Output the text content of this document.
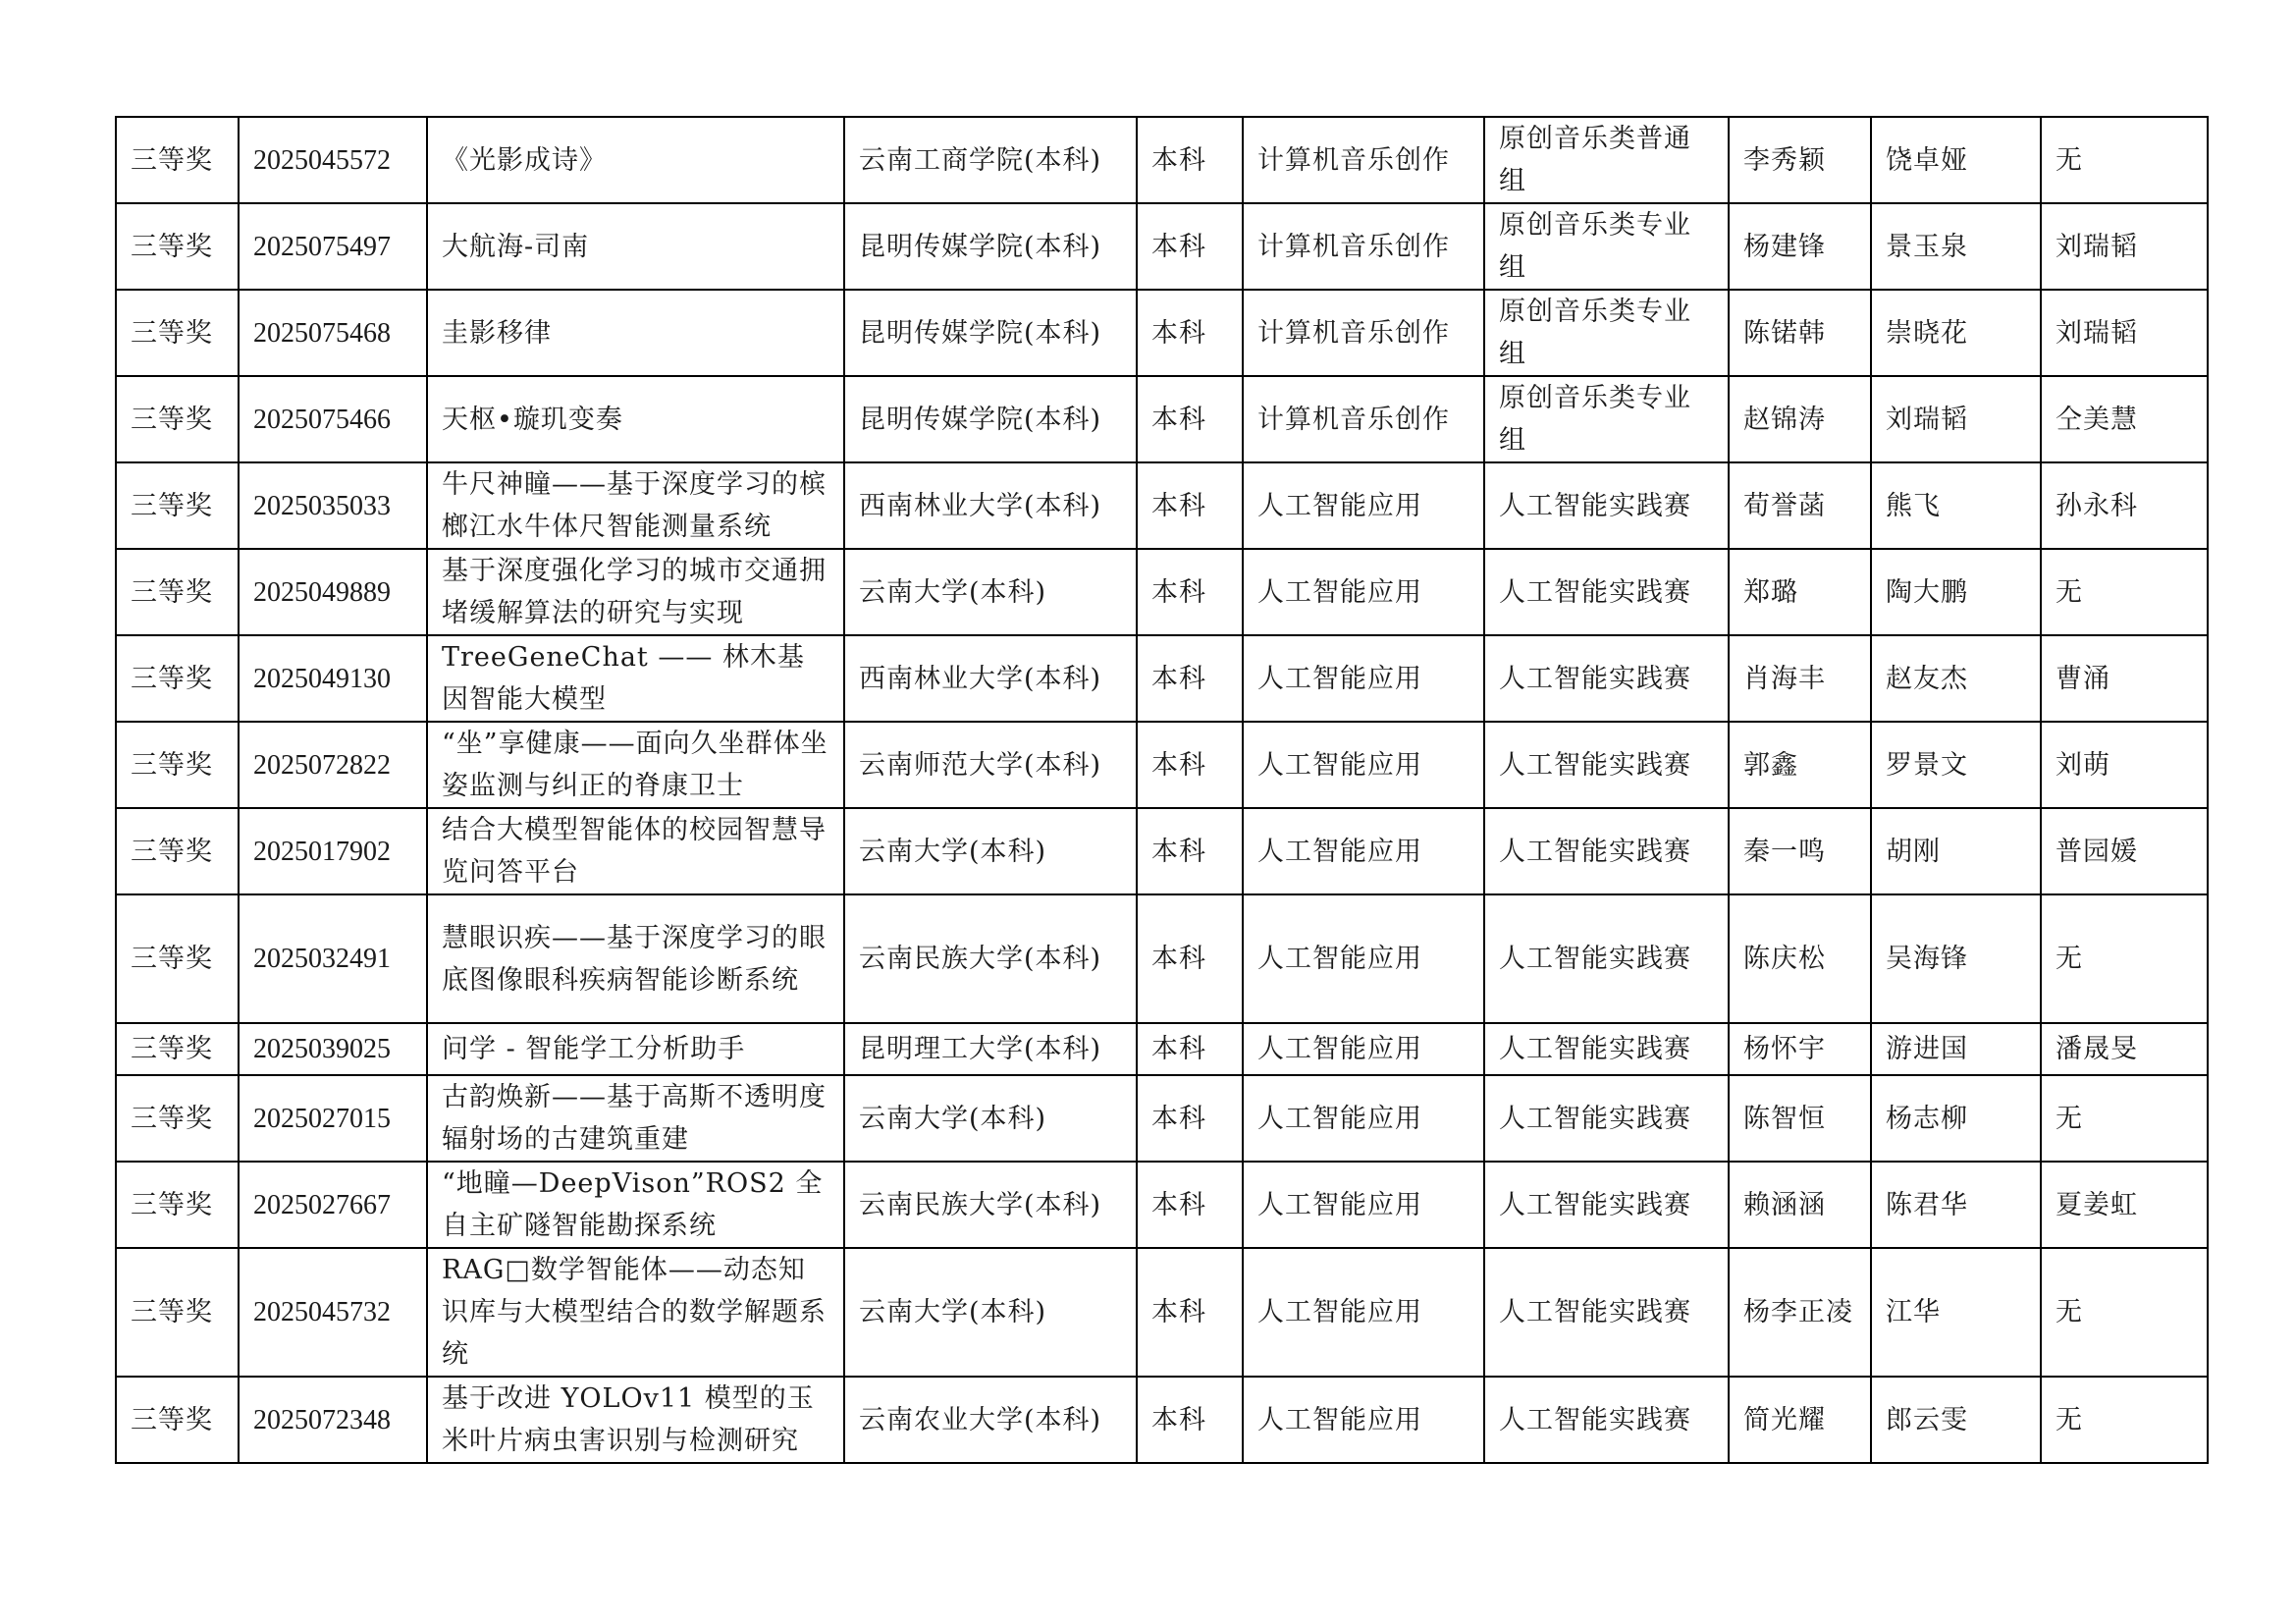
三等奖	2025045572	《光影成诗》	云南工商学院(本科)	本科	计算机音乐创作	原创音乐类普通组	李秀颖	饶卓娅	无
三等奖	2025075497	大航海-司南	昆明传媒学院(本科)	本科	计算机音乐创作	原创音乐类专业组	杨建锋	景玉泉	刘瑞韬
三等奖	2025075468	圭影移律	昆明传媒学院(本科)	本科	计算机音乐创作	原创音乐类专业组	陈锘韩	崇晓花	刘瑞韬
三等奖	2025075466	天枢•璇玑变奏	昆明传媒学院(本科)	本科	计算机音乐创作	原创音乐类专业组	赵锦涛	刘瑞韬	仝美慧
三等奖	2025035033	牛尺神瞳——基于深度学习的槟榔江水牛体尺智能测量系统	西南林业大学(本科)	本科	人工智能应用	人工智能实践赛	荀誉菡	熊飞	孙永科
三等奖	2025049889	基于深度强化学习的城市交通拥堵缓解算法的研究与实现	云南大学(本科)	本科	人工智能应用	人工智能实践赛	郑璐	陶大鹏	无
三等奖	2025049130	TreeGeneChat —— 林木基因智能大模型	西南林业大学(本科)	本科	人工智能应用	人工智能实践赛	肖海丰	赵友杰	曹涌
三等奖	2025072822	“坐”享健康——面向久坐群体坐姿监测与纠正的脊康卫士	云南师范大学(本科)	本科	人工智能应用	人工智能实践赛	郭鑫	罗景文	刘萌
三等奖	2025017902	结合大模型智能体的校园智慧导览问答平台	云南大学(本科)	本科	人工智能应用	人工智能实践赛	秦一鸣	胡刚	普园媛
三等奖	2025032491	慧眼识疾——基于深度学习的眼底图像眼科疾病智能诊断系统	云南民族大学(本科)	本科	人工智能应用	人工智能实践赛	陈庆松	吴海锋	无
三等奖	2025039025	问学 - 智能学工分析助手	昆明理工大学(本科)	本科	人工智能应用	人工智能实践赛	杨怀宇	游进国	潘晟旻
三等奖	2025027015	古韵焕新——基于高斯不透明度辐射场的古建筑重建	云南大学(本科)	本科	人工智能应用	人工智能实践赛	陈智恒	杨志柳	无
三等奖	2025027667	“地瞳—DeepVison”ROS2 全自主矿隧智能勘探系统	云南民族大学(本科)	本科	人工智能应用	人工智能实践赛	赖涵涵	陈君华	夏姜虹
三等奖	2025045732	RAG□数学智能体——动态知识库与大模型结合的数学解题系统	云南大学(本科)	本科	人工智能应用	人工智能实践赛	杨李正凌	江华	无
三等奖	2025072348	基于改进 YOLOv11 模型的玉米叶片病虫害识别与检测研究	云南农业大学(本科)	本科	人工智能应用	人工智能实践赛	简光耀	郎云雯	无
